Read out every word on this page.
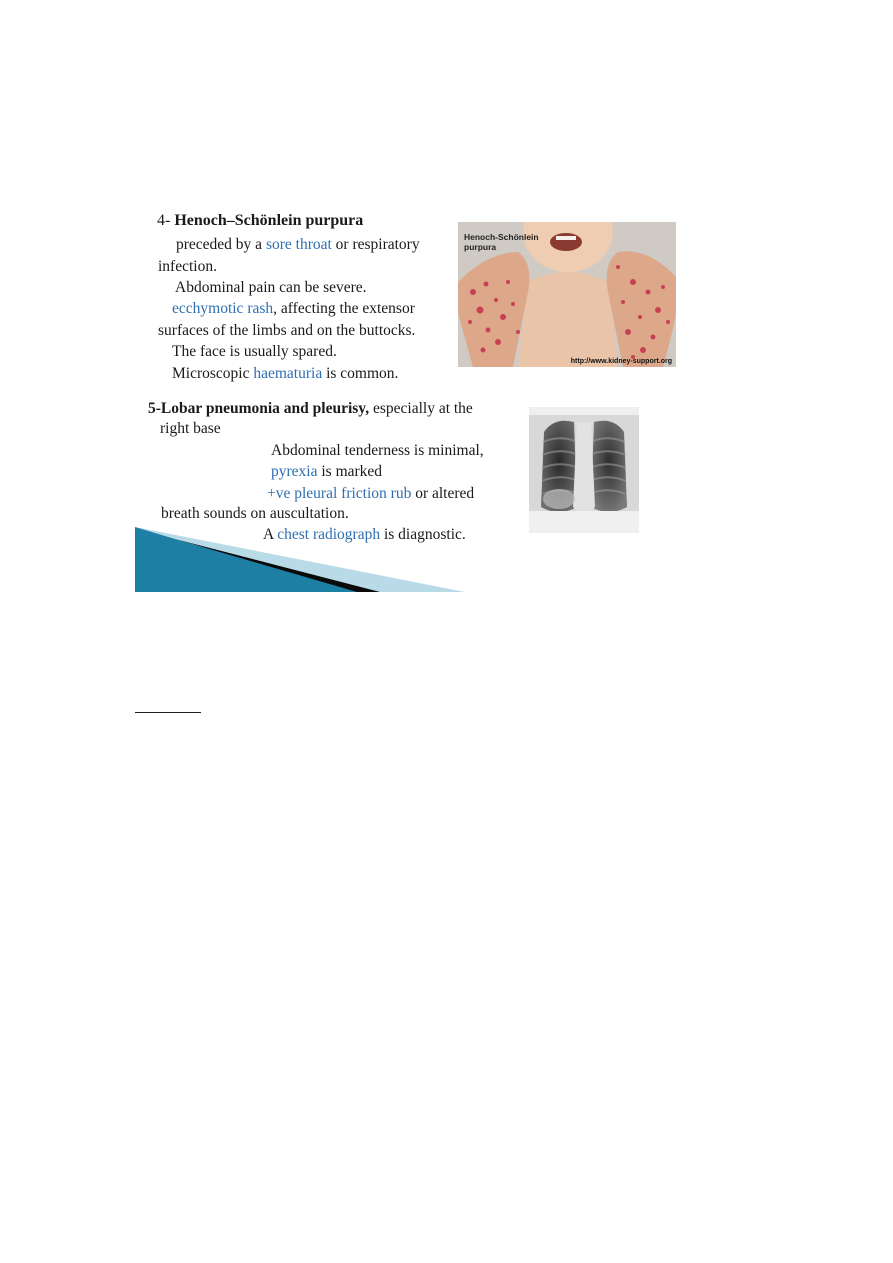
4- Henoch–Schönlein purpura
preceded by a sore throat or respiratory
infection.
Abdominal pain can be severe.
ecchymotic rash, affecting the extensor
surfaces of the limbs and on the buttocks.
The face is usually spared.
Microscopic haematuria is common.
Henoch-Schönlein purpura
http://www.kidney-support.org
5-Lobar pneumonia and pleurisy, especially at the
right base
Abdominal tenderness is minimal,
pyrexia is marked
+ve pleural friction rub or altered
breath sounds on auscultation.
A chest radiograph is diagnostic.
